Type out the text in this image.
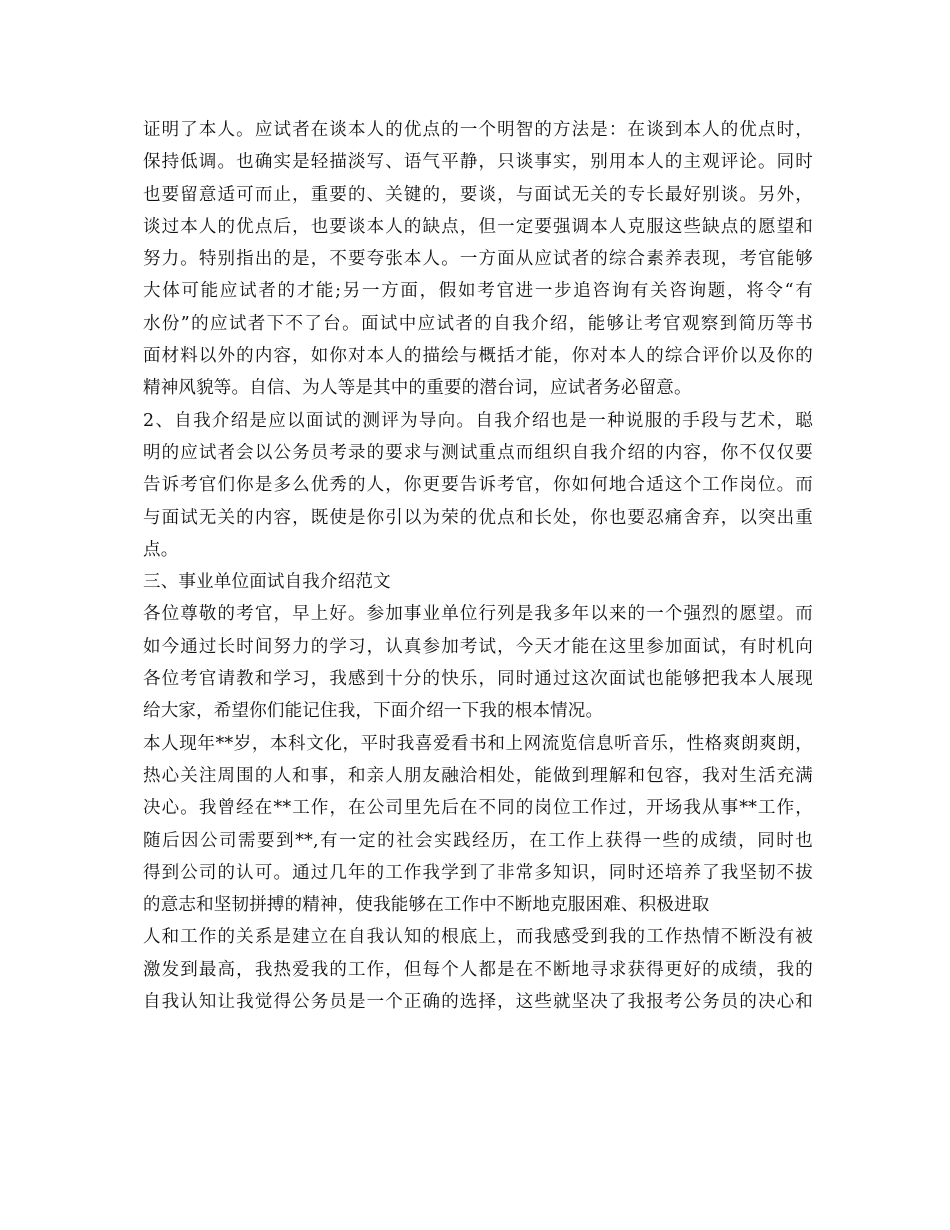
证明了本人。应试者在谈本人的优点的一个明智的方法是：在谈到本人的优点时，
保持低调。也确实是轻描淡写、语气平静，只谈事实，别用本人的主观评论。同时
也要留意适可而止，重要的、关键的，要谈，与面试无关的专长最好别谈。另外，
谈过本人的优点后，也要谈本人的缺点，但一定要强调本人克服这些缺点的愿望和
努力。特别指出的是，不要夸张本人。一方面从应试者的综合素养表现，考官能够
大体可能应试者的才能;另一方面，假如考官进一步追咨询有关咨询题，将令“有
水份”的应试者下不了台。面试中应试者的自我介绍，能够让考官观察到简历等书
面材料以外的内容，如你对本人的描绘与概括才能，你对本人的综合评价以及你的
精神风貌等。自信、为人等是其中的重要的潜台词，应试者务必留意。
2、自我介绍是应以面试的测评为导向。自我介绍也是一种说服的手段与艺术，聪
明的应试者会以公务员考录的要求与测试重点而组织自我介绍的内容，你不仅仅要
告诉考官们你是多么优秀的人，你更要告诉考官，你如何地合适这个工作岗位。而
与面试无关的内容，既使是你引以为荣的优点和长处，你也要忍痛舍弃，以突出重
点。
三、事业单位面试自我介绍范文
各位尊敬的考官，早上好。参加事业单位行列是我多年以来的一个强烈的愿望。而
如今通过长时间努力的学习，认真参加考试，今天才能在这里参加面试，有时机向
各位考官请教和学习，我感到十分的快乐，同时通过这次面试也能够把我本人展现
给大家，希望你们能记住我，下面介绍一下我的根本情况。
本人现年**岁，本科文化，平时我喜爱看书和上网流览信息听音乐，性格爽朗爽朗，
热心关注周围的人和事，和亲人朋友融洽相处，能做到理解和包容，我对生活充满
决心。我曾经在**工作，在公司里先后在不同的岗位工作过，开场我从事**工作，
随后因公司需要到**,有一定的社会实践经历，在工作上获得一些的成绩，同时也
得到公司的认可。通过几年的工作我学到了非常多知识，同时还培养了我坚韧不拔
的意志和坚韧拼搏的精神，使我能够在工作中不断地克服困难、积极进取
人和工作的关系是建立在自我认知的根底上，而我感受到我的工作热情不断没有被
激发到最高，我热爱我的工作，但每个人都是在不断地寻求获得更好的成绩，我的
自我认知让我觉得公务员是一个正确的选择，这些就坚决了我报考公务员的决心和
